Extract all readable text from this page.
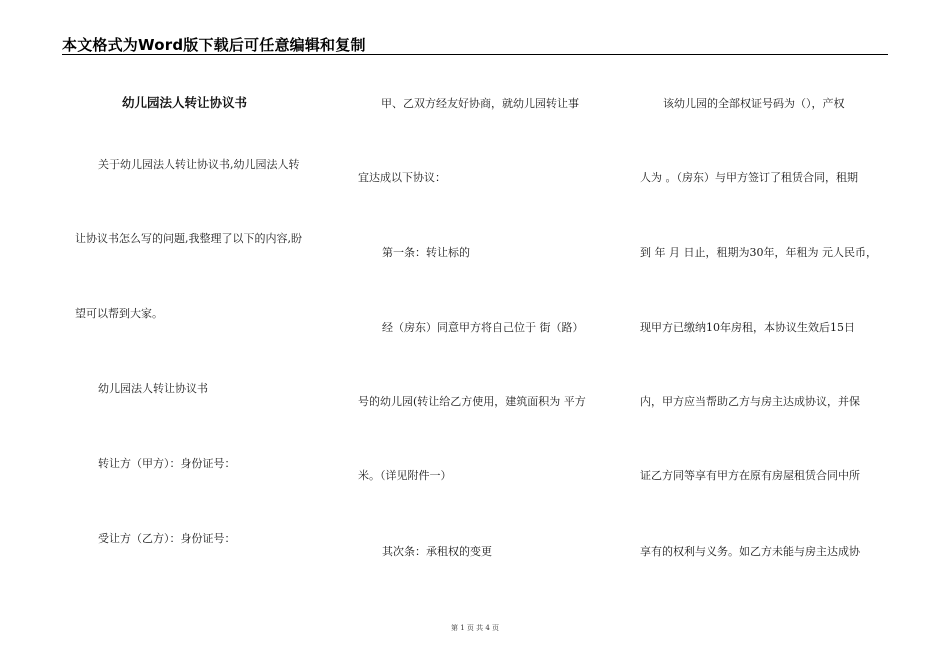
本文格式为Word版下载后可任意编辑和复制
幼儿园法人转让协议书
关于幼儿园法人转让协议书,幼儿园法人转
让协议书怎么写的问题,我整理了以下的内容,盼
望可以帮到大家。
幼儿园法人转让协议书
转让方（甲方）：身份证号：
受让方（乙方）：身份证号：
甲、乙双方经友好协商，就幼儿园转让事
宜达成以下协议：
第一条：转让标的
经（房东）同意甲方将自己位于 街（路）
号的幼儿园(转让给乙方使用，建筑面积为 平方
米。（详见附件一）
其次条：承租权的变更
该幼儿园的全部权证号码为（），产权
人为 。（房东）与甲方签订了租赁合同，租期
到 年 月 日止，租期为30年，年租为 元人民币，
现甲方已缴纳10年房租，本协议生效后15日
内，甲方应当帮助乙方与房主达成协议，并保
证乙方同等享有甲方在原有房屋租赁合同中所
享有的权利与义务。如乙方未能与房主达成协
第 1 页 共 4 页
